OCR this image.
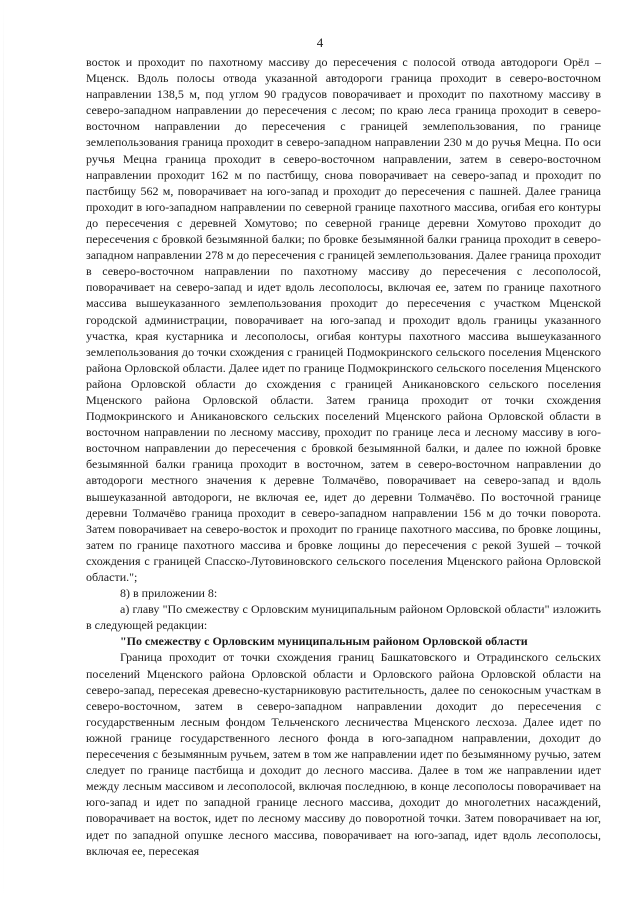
4

восток и проходит по пахотному массиву до пересечения с полосой отвода автодороги Орёл – Мценск. Вдоль полосы отвода указанной автодороги граница проходит в северо-восточном направлении 138,5 м, под углом 90 градусов поворачивает и проходит по пахотному массиву в северо-западном направлении до пересечения с лесом; по краю леса граница проходит в северо-восточном направлении до пересечения с границей землепользования, по границе землепользования граница проходит в северо-западном направлении 230 м до ручья Мецна. По оси ручья Мецна граница проходит в северо-восточном направлении, затем в северо-восточном направлении проходит 162 м по пастбищу, снова поворачивает на северо-запад и проходит по пастбищу 562 м, поворачивает на юго-запад и проходит до пересечения с пашней. Далее граница проходит в юго-западном направлении по северной границе пахотного массива, огибая его контуры до пересечения с деревней Хомутово; по северной границе деревни Хомутово проходит до пересечения с бровкой безымянной балки; по бровке безымянной балки граница проходит в северо-западном направлении 278 м до пересечения с границей землепользования. Далее граница проходит в северо-восточном направлении по пахотному массиву до пересечения с лесополосой, поворачивает на северо-запад и идет вдоль лесополосы, включая ее, затем по границе пахотного массива вышеуказанного землепользования проходит до пересечения с участком Мценской городской администрации, поворачивает на юго-запад и проходит вдоль границы указанного участка, края кустарника и лесополосы, огибая контуры пахотного массива вышеуказанного землепользования до точки схождения с границей Подмокринского сельского поселения Мценского района Орловской области. Далее идет по границе Подмокринского сельского поселения Мценского района Орловской области до схождения с границей Аникановского сельского поселения Мценского района Орловской области. Затем граница проходит от точки схождения Подмокринского и Аникановского сельских поселений Мценского района Орловской области в восточном направлении по лесному массиву, проходит по границе леса и лесному массиву в юго-восточном направлении до пересечения с бровкой безымянной балки, и далее по южной бровке безымянной балки граница проходит в восточном, затем в северо-восточном направлении до автодороги местного значения к деревне Толмачёво, поворачивает на северо-запад и вдоль вышеуказанной автодороги, не включая ее, идет до деревни Толмачёво. По восточной границе деревни Толмачёво граница проходит в северо-западном направлении 156 м до точки поворота. Затем поворачивает на северо-восток и проходит по границе пахотного массива, по бровке лощины, затем по границе пахотного массива и бровке лощины до пересечения с рекой Зушей – точкой схождения с границей Спасско-Лутовиновского сельского поселения Мценского района Орловской области.";

8) в приложении 8:

а) главу "По смежеству с Орловским муниципальным районом Орловской области" изложить в следующей редакции:

"По смежеству с Орловским муниципальным районом Орловской области

Граница проходит от точки схождения границ Башкатовского и Отрадинского сельских поселений Мценского района Орловской области и Орловского района Орловской области на северо-запад, пересекая древесно-кустарниковую растительность, далее по сенокосным участкам в северо-восточном, затем в северо-западном направлении доходит до пересечения с государственным лесным фондом Тельченского лесничества Мценского лесхоза. Далее идет по южной границе государственного лесного фонда в юго-западном направлении, доходит до пересечения с безымянным ручьем, затем в том же направлении идет по безымянному ручью, затем следует по границе пастбища и доходит до лесного массива. Далее в том же направлении идет между лесным массивом и лесополосой, включая последнюю, в конце лесополосы поворачивает на юго-запад и идет по западной границе лесного массива, доходит до многолетних насаждений, поворачивает на восток, идет по лесному массиву до поворотной точки. Затем поворачивает на юг, идет по западной опушке лесного массива, поворачивает на юго-запад, идет вдоль лесополосы, включая ее, пересекая
